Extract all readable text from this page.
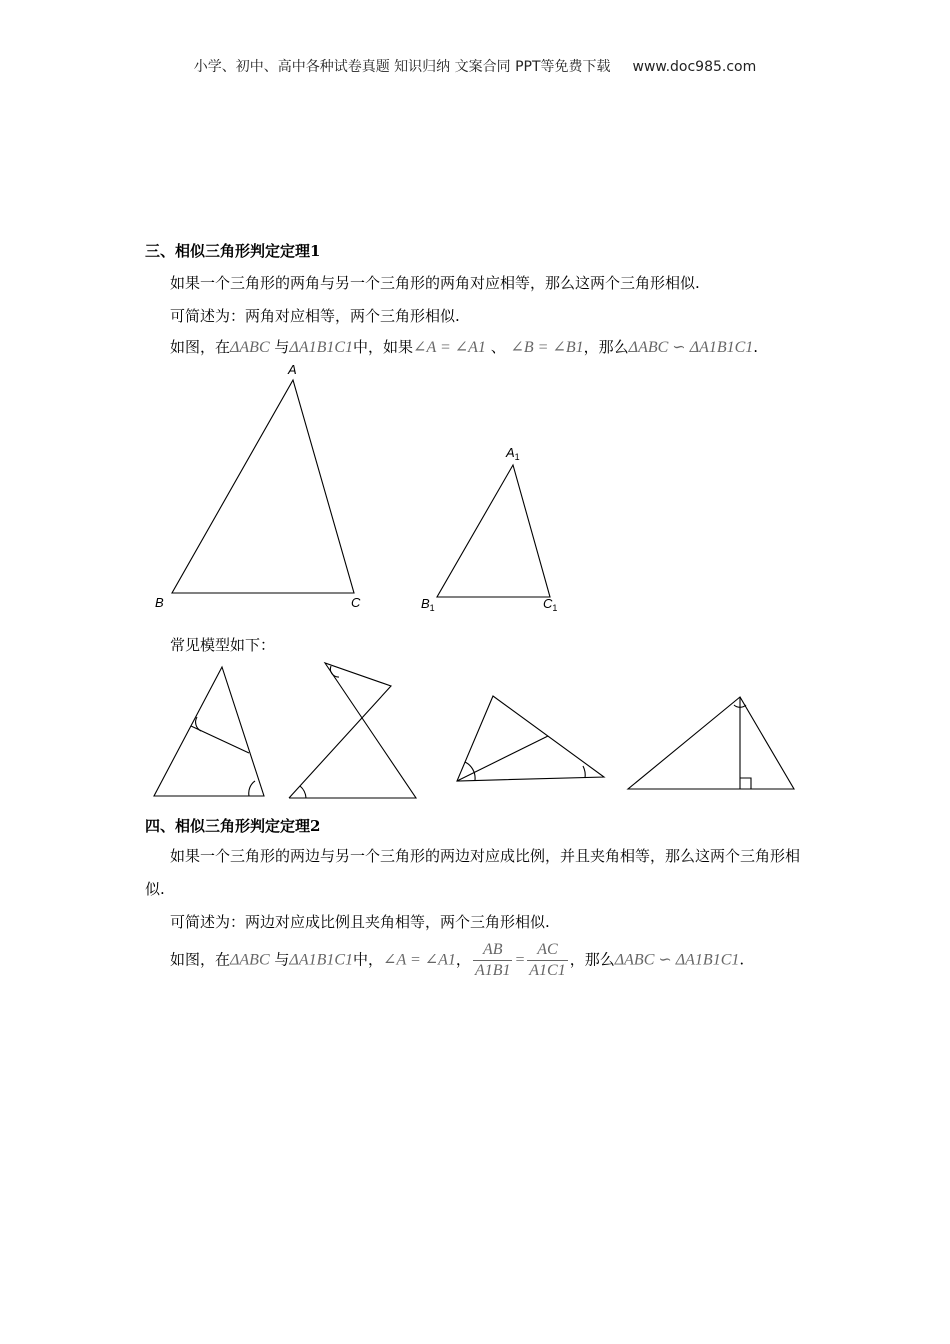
小学、初中、高中各种试卷真题 知识归纳 文案合同 PPT等免费下载 www.doc985.com
三、相似三角形判定定理1
如果一个三角形的两角与另一个三角形的两角对应相等，那么这两个三角形相似.
可简述为：两角对应相等，两个三角形相似.
如图，在ΔABC 与ΔA1B1C1中，如果∠A = ∠A1 、 ∠B = ∠B1，那么ΔABC ∽ ΔA1B1C1.
A
B	C
$A_1$
$B_1$	$C_1$
常见模型如下：
四、相似三角形判定定理2
如果一个三角形的两边与另一个三角形的两边对应成比例，并且夹角相等，那么这两个三角形相似.
可简述为：两边对应成比例且夹角相等，两个三角形相似.
如图，在ΔABC 与ΔA1B1C1中，∠A = ∠A1， $\frac{AB}{A1B1} = \frac{AC}{A1C1}$ ，那么ΔABC ∽ ΔA1B1C1.
